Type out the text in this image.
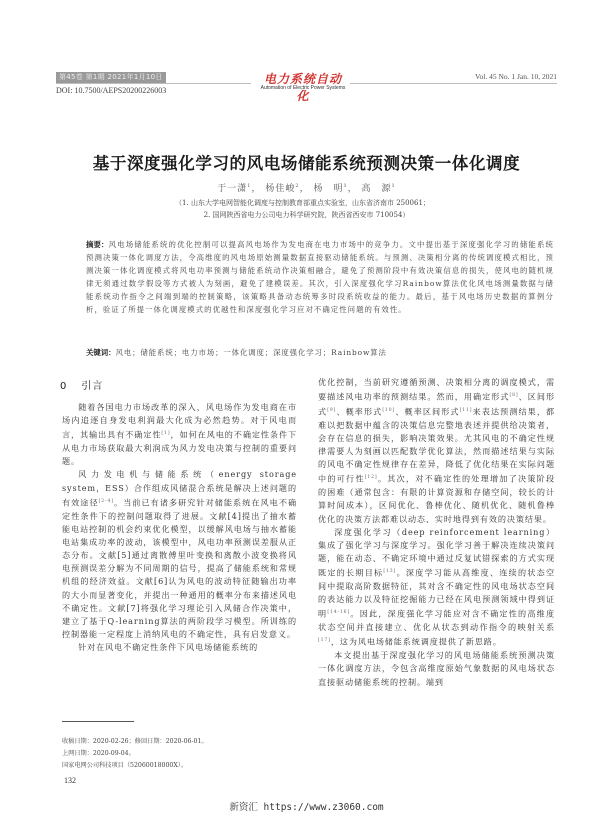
第45卷 第1期 2021年1月10日
DOI: 10.7500/AEPS20200226003
电力系统自动化
Automation of Electric Power Systems
Vol. 45 No. 1 Jan. 10, 2021
基于深度强化学习的风电场储能系统预测决策一体化调度
于一潇$^1$， 杨佳峻$^2$， 杨　明$^1$， 高　源$^1$
（1. 山东大学电网智能化调度与控制教育部重点实验室，山东省济南市 250061；
2. 国网陕西省电力公司电力科学研究院，陕西省西安市 710054）
摘要：风电场储能系统的优化控制可以提高风电场作为发电商在电力市场中的竞争力。文中提出基于深度强化学习的储能系统预测决策一体化调度方法，令高维度的风电场原始测量数据直接驱动储能系统。与预测、决策相分离的传统调度模式相比，预测决策一体化调度模式将风电功率预测与储能系统动作决策相融合，避免了预测阶段中有效决策信息的损失，使风电的随机规律无须通过数学假设等方式被人为刻画，避免了建模误差。其次，引入深度强化学习Rainbow算法优化风电场测量数据与储能系统动作指令之间端到端的控制策略，该策略具备动态统筹多时段系统收益的能力。最后，基于风电场历史数据的算例分析，验证了所提一体化调度模式的优越性和深度强化学习应对不确定性问题的有效性。
关键词：风电；储能系统；电力市场；一体化调度；深度强化学习；Rainbow算法
0 引言

随着各国电力市场改革的深入，风电场作为发电商在市场内追逐自身发电利润最大化成为必然趋势。对于风电而言，其输出具有不确定性[1]，如何在风电的不确定性条件下从电力市场获取最大利润成为风力发电决策与控制的重要问题。

风力发电机与储能系统（energy storage system，ESS）合作组成风储混合系统是解决上述问题的有效途径[2-4]。当前已有诸多研究针对储能系统在风电不确定性条件下的控制问题取得了进展。文献[4]提出了抽水蓄能电站控制的机会约束优化模型，以缓解风电场与抽水蓄能电站集成功率的波动，该模型中，风电功率预测误差服从正态分布。文献[5]通过离散傅里叶变换和离散小波变换将风电预测误差分解为不同周期的信号，提高了储能系统和常规机组的经济效益。文献[6]认为风电的波动特征随输出功率的大小而显著变化，并提出一种通用的概率分布来描述风电不确定性。文献[7]将强化学习理论引入风储合作决策中，建立了基于Q-learning算法的两阶段学习模型。所训练的控制器能一定程度上消纳风电的不确定性，具有启发意义。

针对在风电不确定性条件下风电场储能系统的

优化控制，当前研究遵循预测、决策相分离的调度模式，需要描述风电功率的预测结果。然而，用确定形式[8]、区间形式[9]、概率形式[10]、概率区间形式[11]来表达预测结果，都难以把数据中蕴含的决策信息完整地表述并提供给决策者，会存在信息的损失，影响决策效果。尤其风电的不确定性规律需要人为刻画以匹配数学优化算法，然而描述结果与实际的风电不确定性规律存在差异，降低了优化结果在实际问题中的可行性[12]。其次，对不确定性的处理增加了决策阶段的困难（通常包含：有限的计算资源和存储空间，较长的计算时间成本），区间优化、鲁棒优化、随机优化、随机鲁棒优化的决策方法都难以动态、实时地得到有效的决策结果。

深度强化学习（deep reinforcement learning）集成了强化学习与深度学习。强化学习善于解决连续决策问题，能在动态、不确定环境中通过反复试错探索的方式实现既定的长期目标[13]。深度学习能从高维度、连续的状态空间中提取高阶数据特征，其对含不确定性的风电场状态空间的表达能力以及特征挖掘能力已经在风电预测领域中得到证明[14-16]。因此，深度强化学习能应对含不确定性的高维度状态空间并直接建立、优化从状态到动作指令的映射关系[17]，这为风电场储能系统调度提供了新思路。

本文提出基于深度强化学习的风电场储能系统预测决策一体化调度方法，令包含高维度原始气象数据的风电场状态直接驱动储能系统的控制。端到

收稿日期：2020-02-26；修回日期：2020-06-01。
上网日期：2020-09-04。
国家电网公司科技项目（52060018000X）。
132
新资汇 https://www.z3060.com
